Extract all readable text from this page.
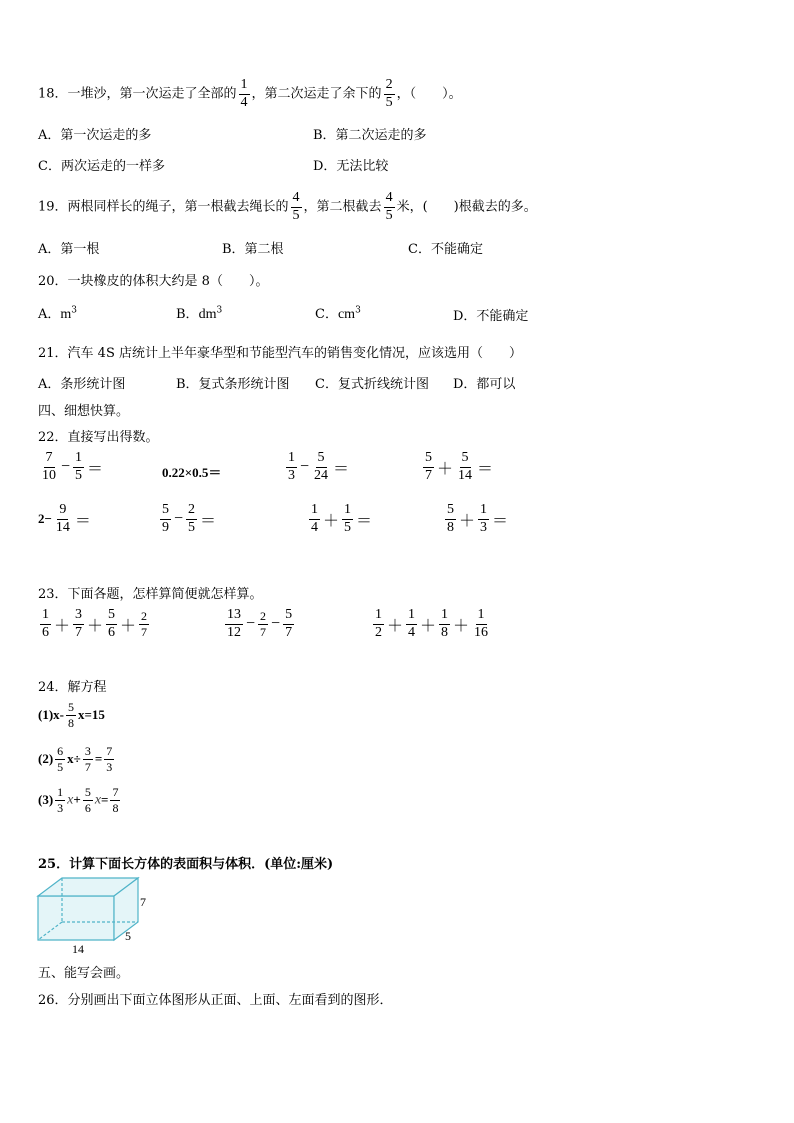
18．一堆沙，第一次运走了全部的 $\frac{1}{4}$ ，第二次运走了余下的 $\frac{2}{5}$ ，（　　）。
A．第一次运走的多	B．第二次运走的多
C．两次运走的一样多	D．无法比较
19．两根同样长的绳子，第一根截去绳长的 $\frac{4}{5}$ ，第二根截去 $\frac{4}{5}$ 米，(　　)根截去的多。
A．第一根	B．第二根	C．不能确定
20．一块橡皮的体积大约是 8（　　）。
A．$m^3$	B．$dm^3$	C．$cm^3$	D．不能确定
21．汽车 4S 店统计上半年豪华型和节能型汽车的销售变化情况，应该选用（　　）
A．条形统计图	B．复式条形统计图 C．复式折线统计图 D．都可以
四、细想快算。
22．直接写出得数。
$\frac{7}{10} - \frac{1}{5}$ ＝	0.22×0.5＝	$\frac{1}{3} - \frac{5}{24}$ ＝	$\frac{5}{7} + \frac{5}{14}$ ＝
$2- \frac{9}{14}$ ＝	$\frac{5}{9} - \frac{2}{5}$ ＝	$\frac{1}{4} + \frac{1}{5}$ ＝	$\frac{5}{8} + \frac{1}{3}$ ＝
23．下面各题，怎样算简便就怎样算。
$\frac{1}{6} + \frac{3}{7} + \frac{5}{6} + \frac{2}{7}$	$\frac{13}{12} - \frac{2}{7} - \frac{5}{7}$	$\frac{1}{2} + \frac{1}{4} + \frac{1}{8} + \frac{1}{16}$
24．解方程
$(1)x- \frac{5}{8} x=15$
$(2) \frac{6}{5} x\div \frac{3}{7} = \frac{7}{3}$
$(3) \frac{1}{3} x+ \frac{5}{6} x= \frac{7}{8}$
25．计算下面长方体的表面积与体积．(单位:厘米)
7
5
14
五、能写会画。
26．分别画出下面立体图形从正面、上面、左面看到的图形．
